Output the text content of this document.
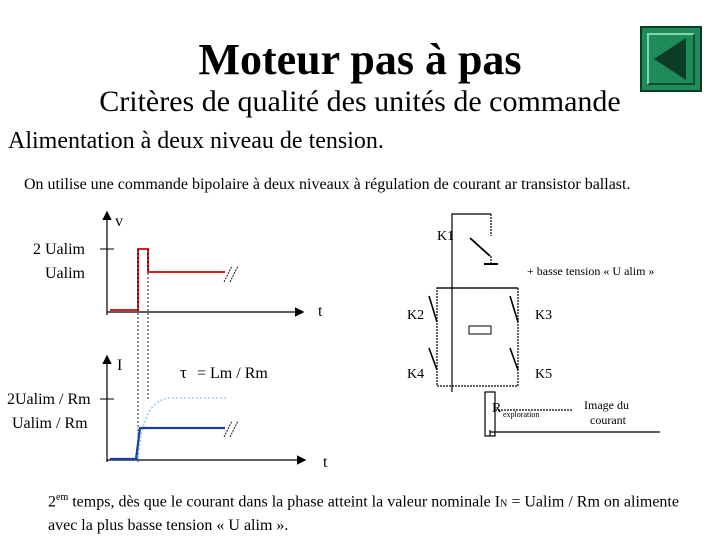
Moteur pas à pas
Critères de qualité des unités de commande
Alimentation à deux niveau de tension.
On utilise une commande bipolaire à deux niveaux à régulation de courant ar transistor ballast.
v
t
2 Ualim
Ualim
I
t
2Ualim / Rm
Ualim / Rm
τ = Lm / Rm
K1
K2	K3
K4	K5
+ basse tension « U alim »
R exploration
Image du
courant
$2^{em}$ temps, dès que le courant dans la phase atteint la valeur nominale IN = Ualim / Rm on alimente avec la plus basse tension « U alim ».
